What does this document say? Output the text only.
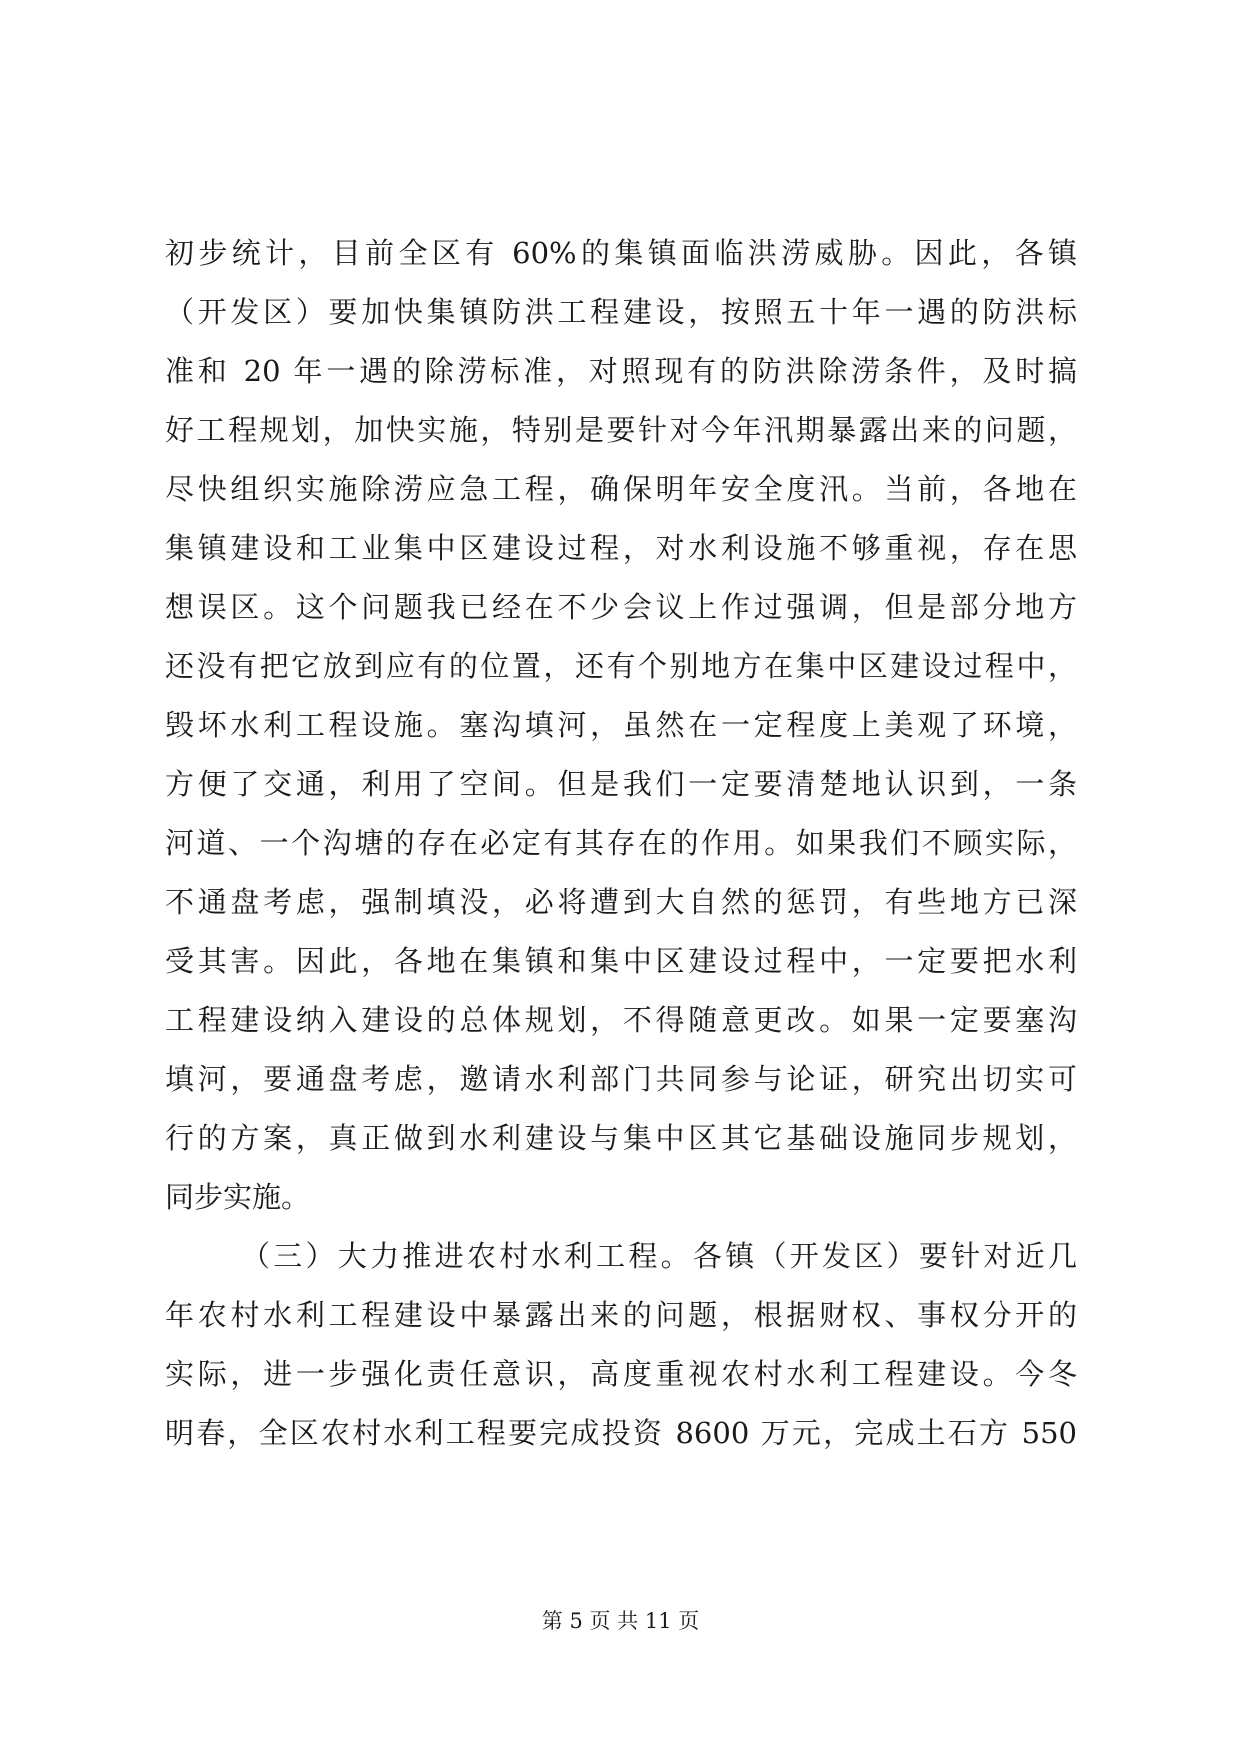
初步统计，目前全区有 60%的集镇面临洪涝威胁。因此，各镇
（开发区）要加快集镇防洪工程建设，按照五十年一遇的防洪标
准和 20 年一遇的除涝标准，对照现有的防洪除涝条件，及时搞
好工程规划，加快实施，特别是要针对今年汛期暴露出来的问题，
尽快组织实施除涝应急工程，确保明年安全度汛。当前，各地在
集镇建设和工业集中区建设过程，对水利设施不够重视，存在思
想误区。这个问题我已经在不少会议上作过强调，但是部分地方
还没有把它放到应有的位置，还有个别地方在集中区建设过程中，
毁坏水利工程设施。塞沟填河，虽然在一定程度上美观了环境，
方便了交通，利用了空间。但是我们一定要清楚地认识到，一条
河道、一个沟塘的存在必定有其存在的作用。如果我们不顾实际，
不通盘考虑，强制填没，必将遭到大自然的惩罚，有些地方已深
受其害。因此，各地在集镇和集中区建设过程中，一定要把水利
工程建设纳入建设的总体规划，不得随意更改。如果一定要塞沟
填河，要通盘考虑，邀请水利部门共同参与论证，研究出切实可
行的方案，真正做到水利建设与集中区其它基础设施同步规划，
同步实施。
（三）大力推进农村水利工程。各镇（开发区）要针对近几
年农村水利工程建设中暴露出来的问题，根据财权、事权分开的
实际，进一步强化责任意识，高度重视农村水利工程建设。今冬
明春，全区农村水利工程要完成投资 8600 万元，完成土石方 550
第 5 页 共 11 页
